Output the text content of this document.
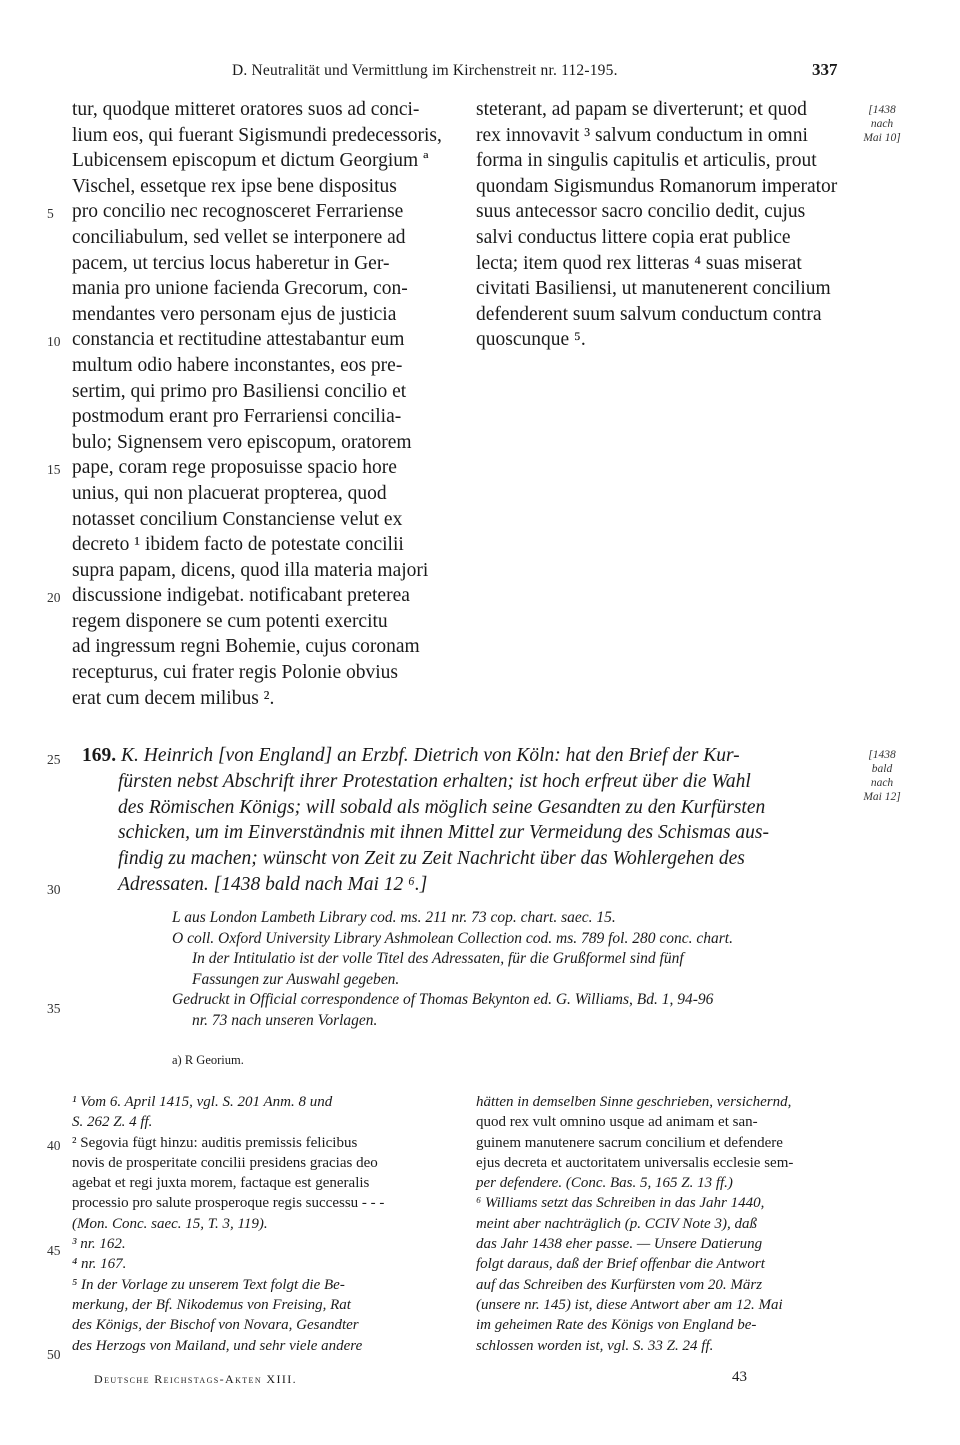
D. Neutralität und Vermittlung im Kirchenstreit nr. 112-195.	337
tur, quodque mitteret oratores suos ad conci-
lium eos, qui fuerant Sigismundi predecessoris,
Lubicensem episcopum et dictum Georgium ª
Vischel, essetque rex ipse bene dispositus
pro concilio nec recognosceret Ferrariense
conciliabulum, sed vellet se interponere ad
pacem, ut tercius locus haberetur in Ger-
mania pro unione facienda Grecorum, con-
mendantes vero personam ejus de justicia
constancia et rectitudine attestabantur eum
multum odio habere inconstantes, eos pre-
sertim, qui primo pro Basiliensi concilio et
postmodum erant pro Ferrariensi concilia-
bulo; Signensem vero episcopum, oratorem
pape, coram rege proposuisse spacio hore
unius, qui non placuerat propterea, quod
notasset concilium Constanciense velut ex
decreto ¹ ibidem facto de potestate concilii
supra papam, dicens, quod illa materia majori
discussione indigebat. notificabant preterea
regem disponere se cum potenti exercitu
ad ingressum regni Bohemie, cujus coronam
recepturus, cui frater regis Polonie obvius
erat cum decem milibus ².
5
10
15
20
steterant, ad papam se diverterunt; et quod
rex innovavit ³ salvum conductum in omni
forma in singulis capitulis et articulis, prout
quondam Sigismundus Romanorum imperator
suus antecessor sacro concilio dedit, cujus
salvi conductus littere copia erat publice
lecta; item quod rex litteras ⁴ suas miserat
civitati Basiliensi, ut manutenerent concilium
defenderent suum salvum conductum contra
quoscunque ⁵.
[1438
nach
Mai 10]
169. K. Heinrich [von England] an Erzbf. Dietrich von Köln: hat den Brief der Kur-
fürsten nebst Abschrift ihrer Protestation erhalten; ist hoch erfreut über die Wahl
des Römischen Königs; will sobald als möglich seine Gesandten zu den Kurfürsten
schicken, um im Einverständnis mit ihnen Mittel zur Vermeidung des Schismas aus-
findig zu machen; wünscht von Zeit zu Zeit Nachricht über das Wohlergehen des
Adressaten. [1438 bald nach Mai 12 ⁶.]
25
30
35
40
45
50
[1438
bald
nach
Mai 12]
L aus London Lambeth Library cod. ms. 211 nr. 73 cop. chart. saec. 15.
O coll. Oxford University Library Ashmolean Collection cod. ms. 789 fol. 280 conc. chart.
In der Intitulatio ist der volle Titel des Adressaten, für die Grußformel sind fünf
Fassungen zur Auswahl gegeben.
Gedruckt in Official correspondence of Thomas Bekynton ed. G. Williams, Bd. 1, 94-96
nr. 73 nach unseren Vorlagen.
a) R Georium.
¹ Vom 6. April 1415, vgl. S. 201 Anm. 8 und
S. 262 Z. 4 ff.
² Segovia fügt hinzu: auditis premissis felicibus
novis de prosperitate concilii presidens gracias deo
agebat et regi juxta morem, factaque est generalis
processio pro salute prosperoque regis successu - - -
(Mon. Conc. saec. 15, T. 3, 119).
³ nr. 162.
⁴ nr. 167.
⁵ In der Vorlage zu unserem Text folgt die Be-
merkung, der Bf. Nikodemus von Freising, Rat
des Königs, der Bischof von Novara, Gesandter
des Herzogs von Mailand, und sehr viele andere
hätten in demselben Sinne geschrieben, versichernd,
quod rex vult omnino usque ad animam et san-
guinem manutenere sacrum concilium et defendere
ejus decreta et auctoritatem universalis ecclesie sem-
per defendere. (Conc. Bas. 5, 165 Z. 13 ff.)
⁶ Williams setzt das Schreiben in das Jahr 1440,
meint aber nachträglich (p. CCIV Note 3), daß
das Jahr 1438 eher passe. — Unsere Datierung
folgt daraus, daß der Brief offenbar die Antwort
auf das Schreiben des Kurfürsten vom 20. März
(unsere nr. 145) ist, diese Antwort aber am 12. Mai
im geheimen Rate des Königs von England be-
schlossen worden ist, vgl. S. 33 Z. 24 ff.
Deutsche Reichstags-Akten XIII.	43
